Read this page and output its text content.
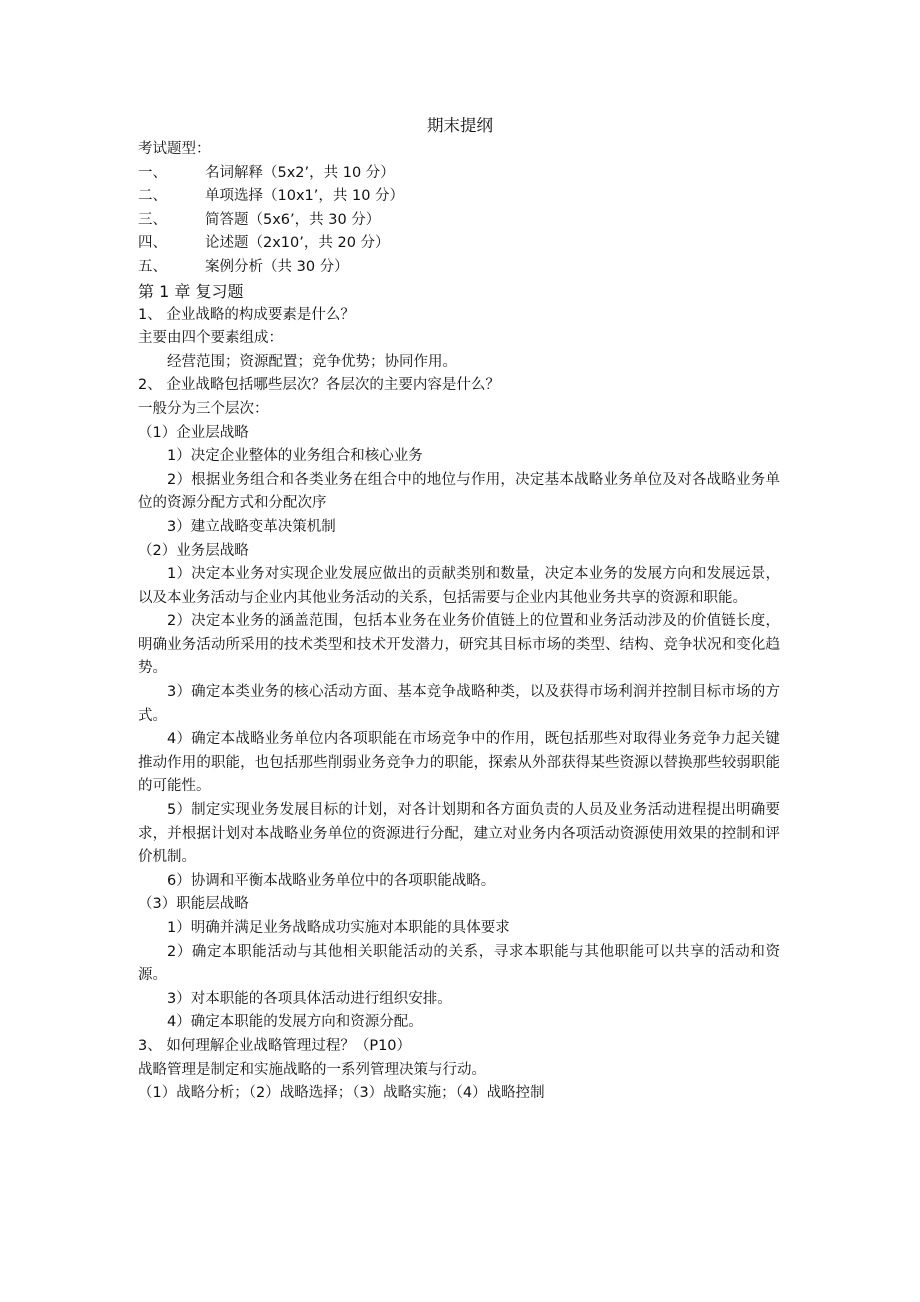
期末提纲
考试题型：
一、	名词解释（5x2’，共 10 分）
二、	单项选择（10x1’，共 10 分）
三、	简答题（5x6’，共 30 分）
四、	论述题（2x10’，共 20 分）
五、	案例分析（共 30 分）
第 1 章 复习题
1、 企业战略的构成要素是什么？
主要由四个要素组成：
经营范围；资源配置；竞争优势；协同作用。
2、 企业战略包括哪些层次？各层次的主要内容是什么？
一般分为三个层次：
（1）企业层战略
1）决定企业整体的业务组合和核心业务
2）根据业务组合和各类业务在组合中的地位与作用，决定基本战略业务单位及对各战略业务单位的资源分配方式和分配次序
3）建立战略变革决策机制
（2）业务层战略
1）决定本业务对实现企业发展应做出的贡献类别和数量，决定本业务的发展方向和发展远景，以及本业务活动与企业内其他业务活动的关系，包括需要与企业内其他业务共享的资源和职能。
2）决定本业务的涵盖范围，包括本业务在业务价值链上的位置和业务活动涉及的价值链长度，明确业务活动所采用的技术类型和技术开发潜力，研究其目标市场的类型、结构、竞争状况和变化趋势。
3）确定本类业务的核心活动方面、基本竞争战略种类，以及获得市场利润并控制目标市场的方式。
4）确定本战略业务单位内各项职能在市场竞争中的作用，既包括那些对取得业务竞争力起关键推动作用的职能，也包括那些削弱业务竞争力的职能，探索从外部获得某些资源以替换那些较弱职能的可能性。
5）制定实现业务发展目标的计划，对各计划期和各方面负责的人员及业务活动进程提出明确要求，并根据计划对本战略业务单位的资源进行分配，建立对业务内各项活动资源使用效果的控制和评价机制。
6）协调和平衡本战略业务单位中的各项职能战略。
（3）职能层战略
1）明确并满足业务战略成功实施对本职能的具体要求
2）确定本职能活动与其他相关职能活动的关系，寻求本职能与其他职能可以共享的活动和资源。
3）对本职能的各项具体活动进行组织安排。
4）确定本职能的发展方向和资源分配。
3、 如何理解企业战略管理过程？（P10）
战略管理是制定和实施战略的一系列管理决策与行动。
（1）战略分析；（2）战略选择；（3）战略实施；（4）战略控制
